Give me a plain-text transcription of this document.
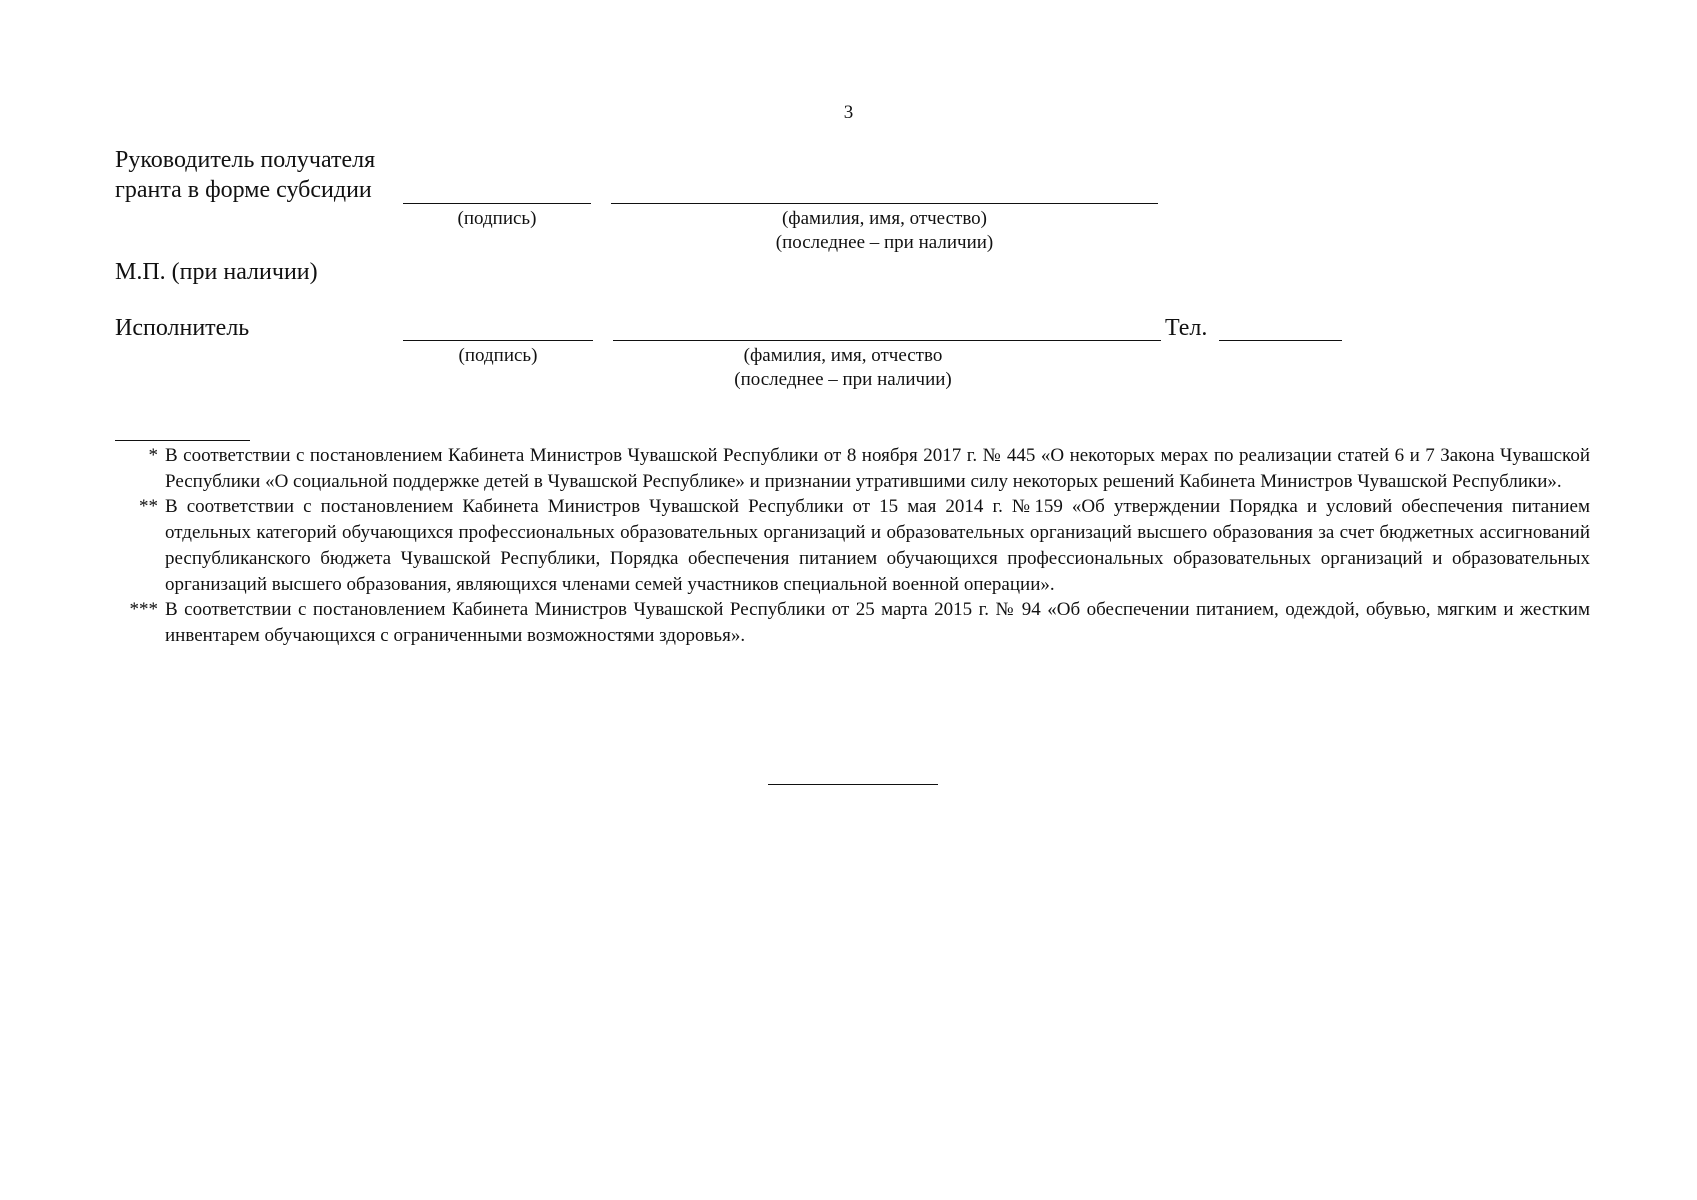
3
Руководитель получателя
гранта в форме субсидии
(подпись)	(фамилия, имя, отчество)
(последнее – при наличии)
М.П. (при наличии)
Исполнитель	Тел.
(подпись)	(фамилия, имя, отчество
(последнее – при наличии)
* В соответствии с постановлением Кабинета Министров Чувашской Республики от 8 ноября 2017 г. № 445 «О некоторых мерах по реализации статей 6 и 7 Закона Чувашской Республики «О социальной поддержке детей в Чувашской Республике» и признании утратившими силу некоторых решений Кабинета Министров Чувашской Республики».
** В соответствии с постановлением Кабинета Министров Чувашской Республики от 15 мая 2014 г. №159 «Об утверждении Порядка и условий обеспечения питанием отдельных категорий обучающихся профессиональных образовательных организаций и образовательных организаций высшего образования за счет бюджетных ассигнований республиканского бюджета Чувашской Республики, Порядка обеспечения питанием обучающихся профессиональных образовательных организаций и образовательных организаций высшего образования, являющихся членами семей участников специальной военной операции».
*** В соответствии с постановлением Кабинета Министров Чувашской Республики от 25 марта 2015 г. № 94 «Об обеспечении питанием, одеждой, обувью, мягким и жестким инвентарем обучающихся с ограниченными возможностями здоровья».
